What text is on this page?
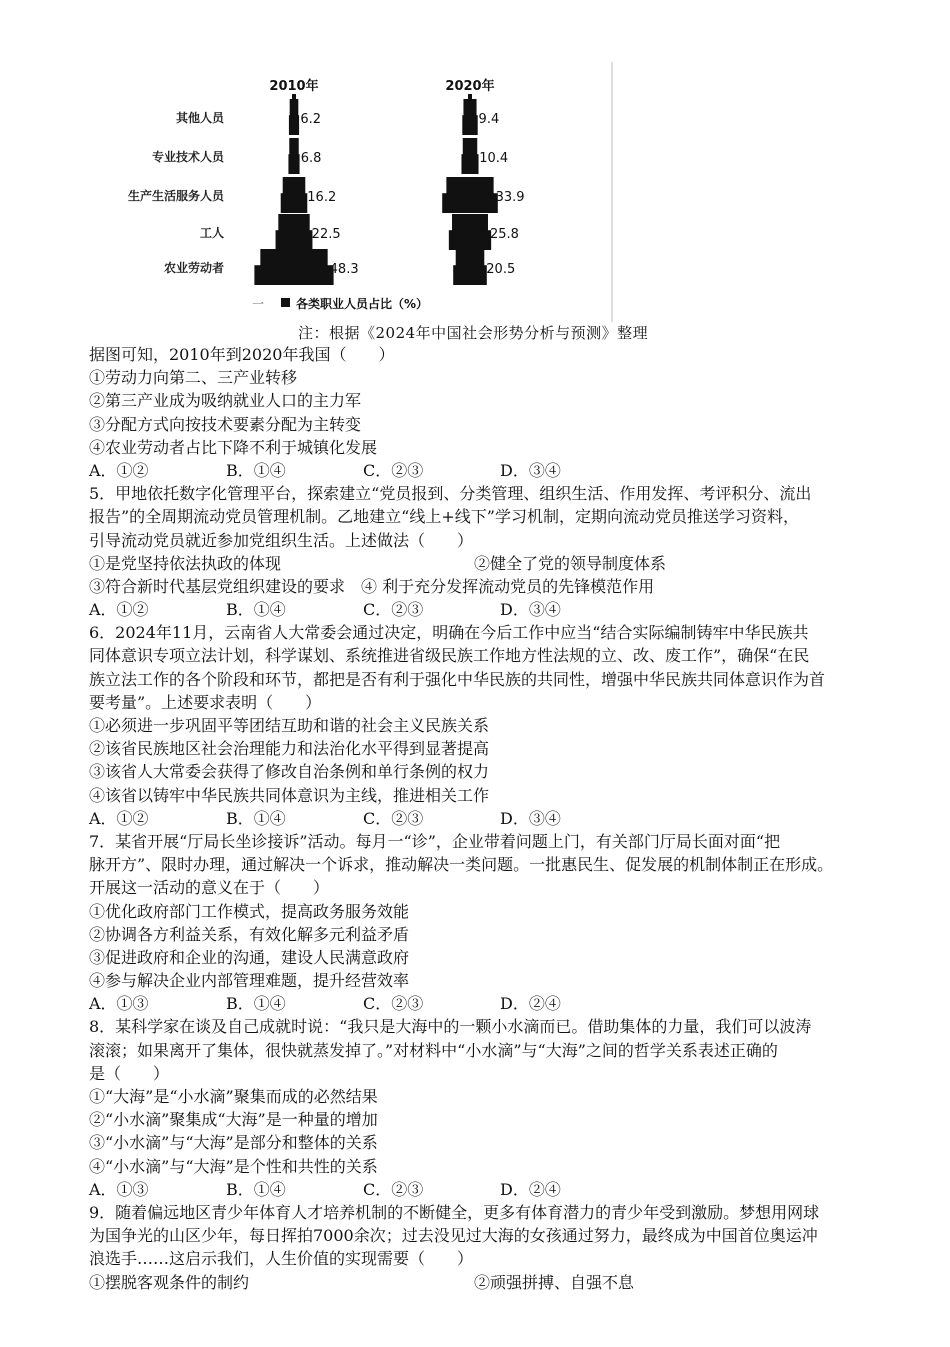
其他人员
专业技术人员
生产生活服务人员
工人
农业劳动者
2010年
6.2
6.8
16.2
22.5
48.3
2020年
9.4
10.4
33.9
25.8
20.5
一	各类职业人员占比（%）
注：根据《2024年中国社会形势分析与预测》整理
据图可知，2010年到2020年我国（　　）
①劳动力向第二、三产业转移
②第三产业成为吸纳就业人口的主力军
③分配方式向按技术要素分配为主转变
④农业劳动者占比下降不利于城镇化发展
A．①②	B．①④	C．②③	D．③④
5．甲地依托数字化管理平台，探索建立“党员报到、分类管理、组织生活、作用发挥、考评积分、流出
报告”的全周期流动党员管理机制。乙地建立“线上+线下”学习机制，定期向流动党员推送学习资料，
引导流动党员就近参加党组织生活。上述做法（　　）
①是党坚持依法执政的体现	②健全了党的领导制度体系
③符合新时代基层党组织建设的要求　④ 利于充分发挥流动党员的先锋模范作用
A．①②	B．①④	C．②③	D．③④
6．2024年11月，云南省人大常委会通过决定，明确在今后工作中应当“结合实际编制铸牢中华民族共
同体意识专项立法计划，科学谋划、系统推进省级民族工作地方性法规的立、改、废工作”，确保“在民
族立法工作的各个阶段和环节，都把是否有利于强化中华民族的共同性，增强中华民族共同体意识作为首
要考量”。上述要求表明（　　）
①必须进一步巩固平等团结互助和谐的社会主义民族关系
②该省民族地区社会治理能力和法治化水平得到显著提高
③该省人大常委会获得了修改自治条例和单行条例的权力
④该省以铸牢中华民族共同体意识为主线，推进相关工作
A．①②	B．①④	C．②③	D．③④
7．某省开展“厅局长坐诊接诉”活动。每月一“诊”，企业带着问题上门，有关部门厅局长面对面“把
脉开方”、限时办理，通过解决一个诉求，推动解决一类问题。一批惠民生、促发展的机制体制正在形成。
开展这一活动的意义在于（　　）
①优化政府部门工作模式，提高政务服务效能
②协调各方利益关系，有效化解多元利益矛盾
③促进政府和企业的沟通，建设人民满意政府
④参与解决企业内部管理难题，提升经营效率
A．①③	B．①④	C．②③	D．②④
8．某科学家在谈及自己成就时说：“我只是大海中的一颗小水滴而已。借助集体的力量，我们可以波涛
滚滚；如果离开了集体，很快就蒸发掉了。”对材料中“小水滴”与“大海”之间的哲学关系表述正确的
是（　　）
①“大海”是“小水滴”聚集而成的必然结果
②“小水滴”聚集成“大海”是一种量的增加
③“小水滴”与“大海”是部分和整体的关系
④“小水滴”与“大海”是个性和共性的关系
A．①③	B．①④	C．②③	D．②④
9．随着偏远地区青少年体育人才培养机制的不断健全，更多有体育潜力的青少年受到激励。梦想用网球
为国争光的山区少年，每日挥拍7000余次；过去没见过大海的女孩通过努力，最终成为中国首位奥运冲
浪选手……这启示我们，人生价值的实现需要（　　）
①摆脱客观条件的制约	②顽强拼搏、自强不息
